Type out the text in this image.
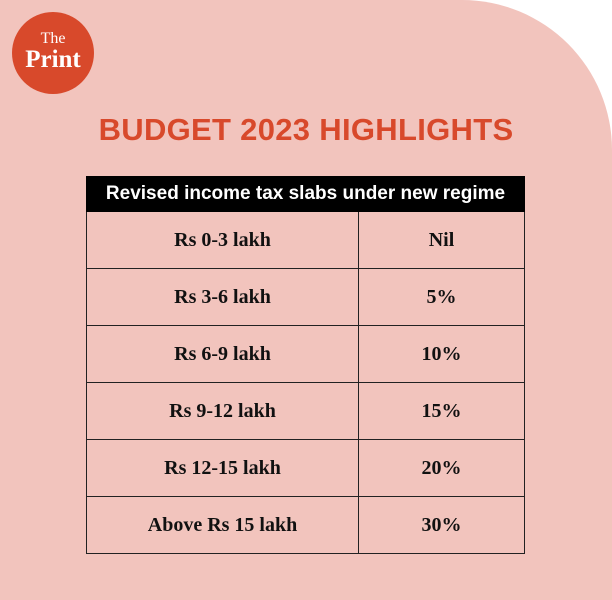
The
Print
BUDGET 2023 HIGHLIGHTS
Revised income tax slabs under new regime	
Rs 0-3 lakh	Nil
Rs 3-6 lakh	5%
Rs 6-9 lakh	10%
Rs 9-12 lakh	15%
Rs 12-15 lakh	20%
Above Rs 15 lakh	30%
